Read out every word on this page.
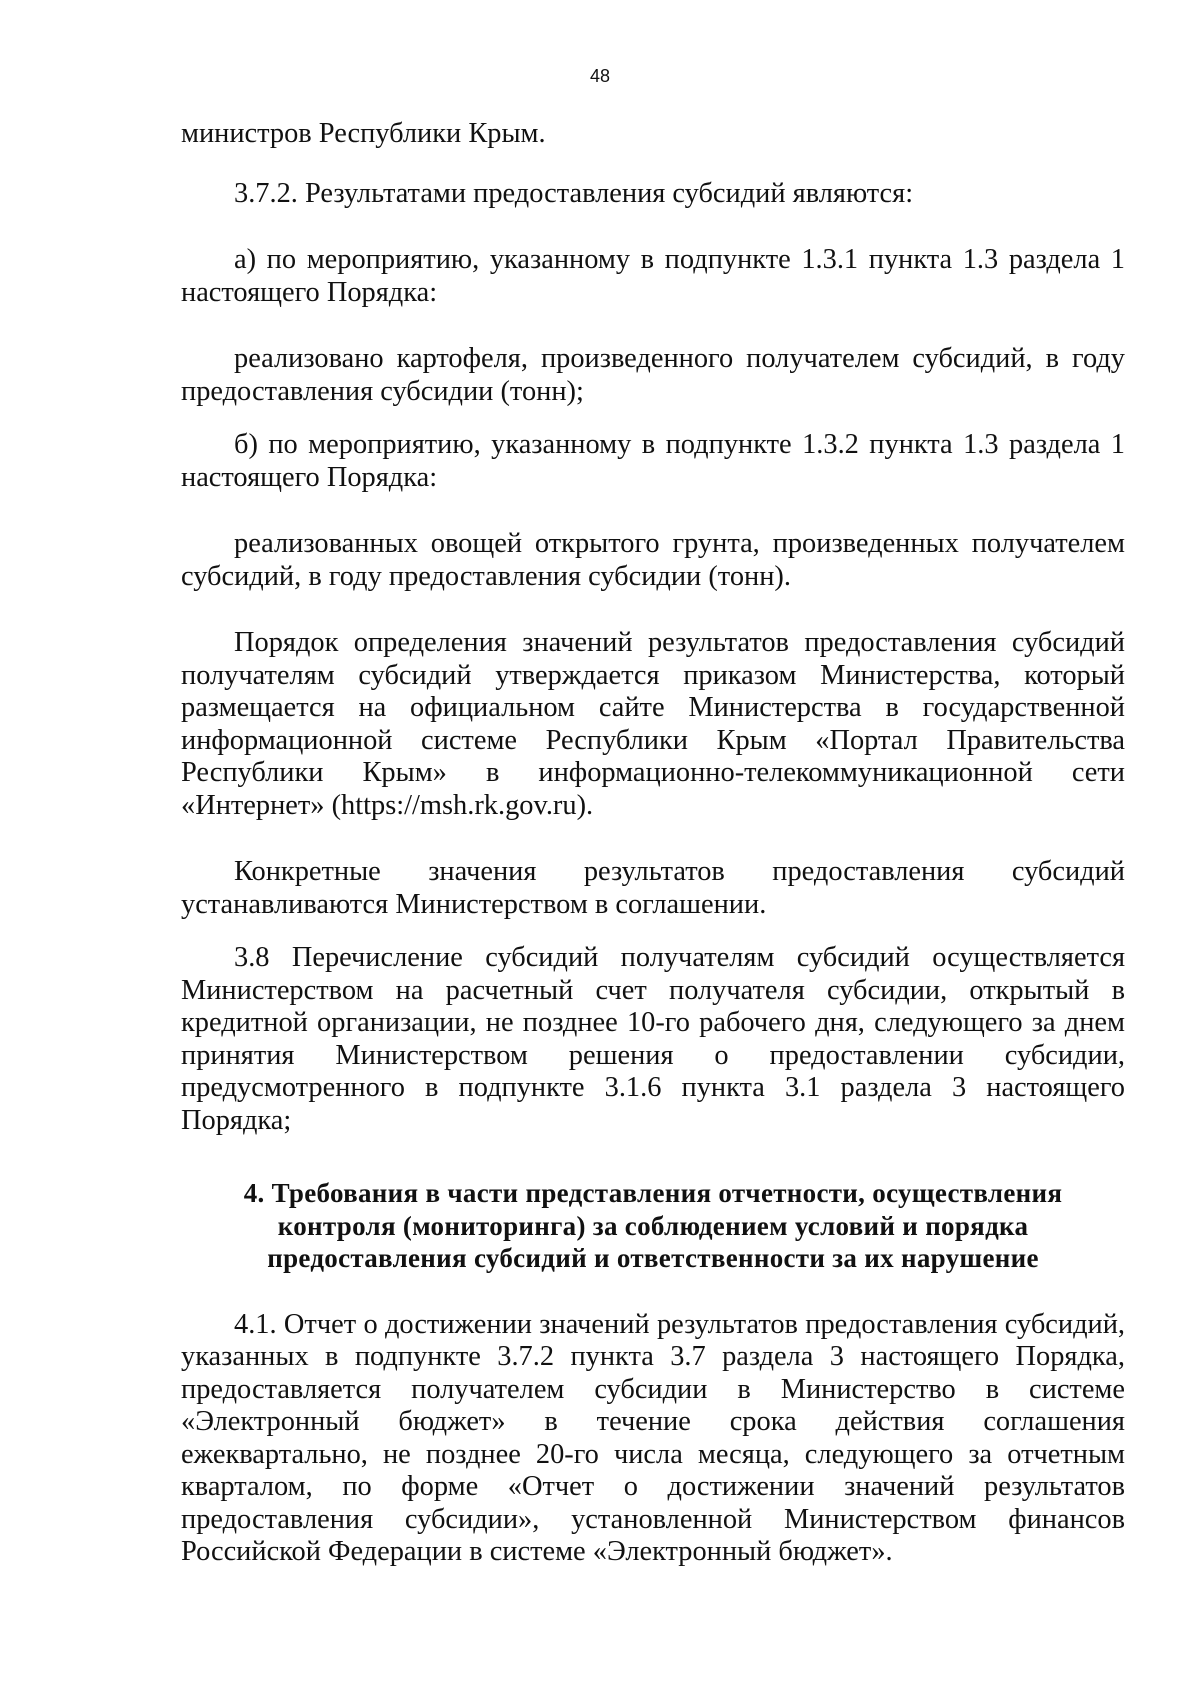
48

министров Республики Крым.

3.7.2. Результатами предоставления субсидий являются:

а) по мероприятию, указанному в подпункте 1.3.1 пункта 1.3 раздела 1 настоящего Порядка:

реализовано картофеля, произведенного получателем субсидий, в году предоставления субсидии (тонн);

б) по мероприятию, указанному в подпункте 1.3.2 пункта 1.3 раздела 1 настоящего Порядка:

реализованных овощей открытого грунта, произведенных получателем субсидий, в году предоставления субсидии (тонн).

Порядок определения значений результатов предоставления субсидий получателям субсидий утверждается приказом Министерства, который размещается на официальном сайте Министерства в государственной информационной системе Республики Крым «Портал Правительства Республики Крым» в информационно-телекоммуникационной сети «Интернет» (https://msh.rk.gov.ru).

Конкретные значения результатов предоставления субсидий устанавливаются Министерством в соглашении.

3.8 Перечисление субсидий получателям субсидий осуществляется Министерством на расчетный счет получателя субсидии, открытый в кредитной организации, не позднее 10-го рабочего дня, следующего за днем принятия Министерством решения о предоставлении субсидии, предусмотренного в подпункте 3.1.6 пункта 3.1 раздела 3 настоящего Порядка;

4. Требования в части представления отчетности, осуществления
контроля (мониторинга) за соблюдением условий и порядка
предоставления субсидий и ответственности за их нарушение

4.1. Отчет о достижении значений результатов предоставления субсидий, указанных в подпункте 3.7.2 пункта 3.7 раздела 3 настоящего Порядка, предоставляется получателем субсидии в Министерство в системе «Электронный бюджет» в течение срока действия соглашения ежеквартально, не позднее 20-го числа месяца, следующего за отчетным кварталом, по форме «Отчет о достижении значений результатов предоставления субсидии», установленной Министерством финансов Российской Федерации в системе «Электронный бюджет».
